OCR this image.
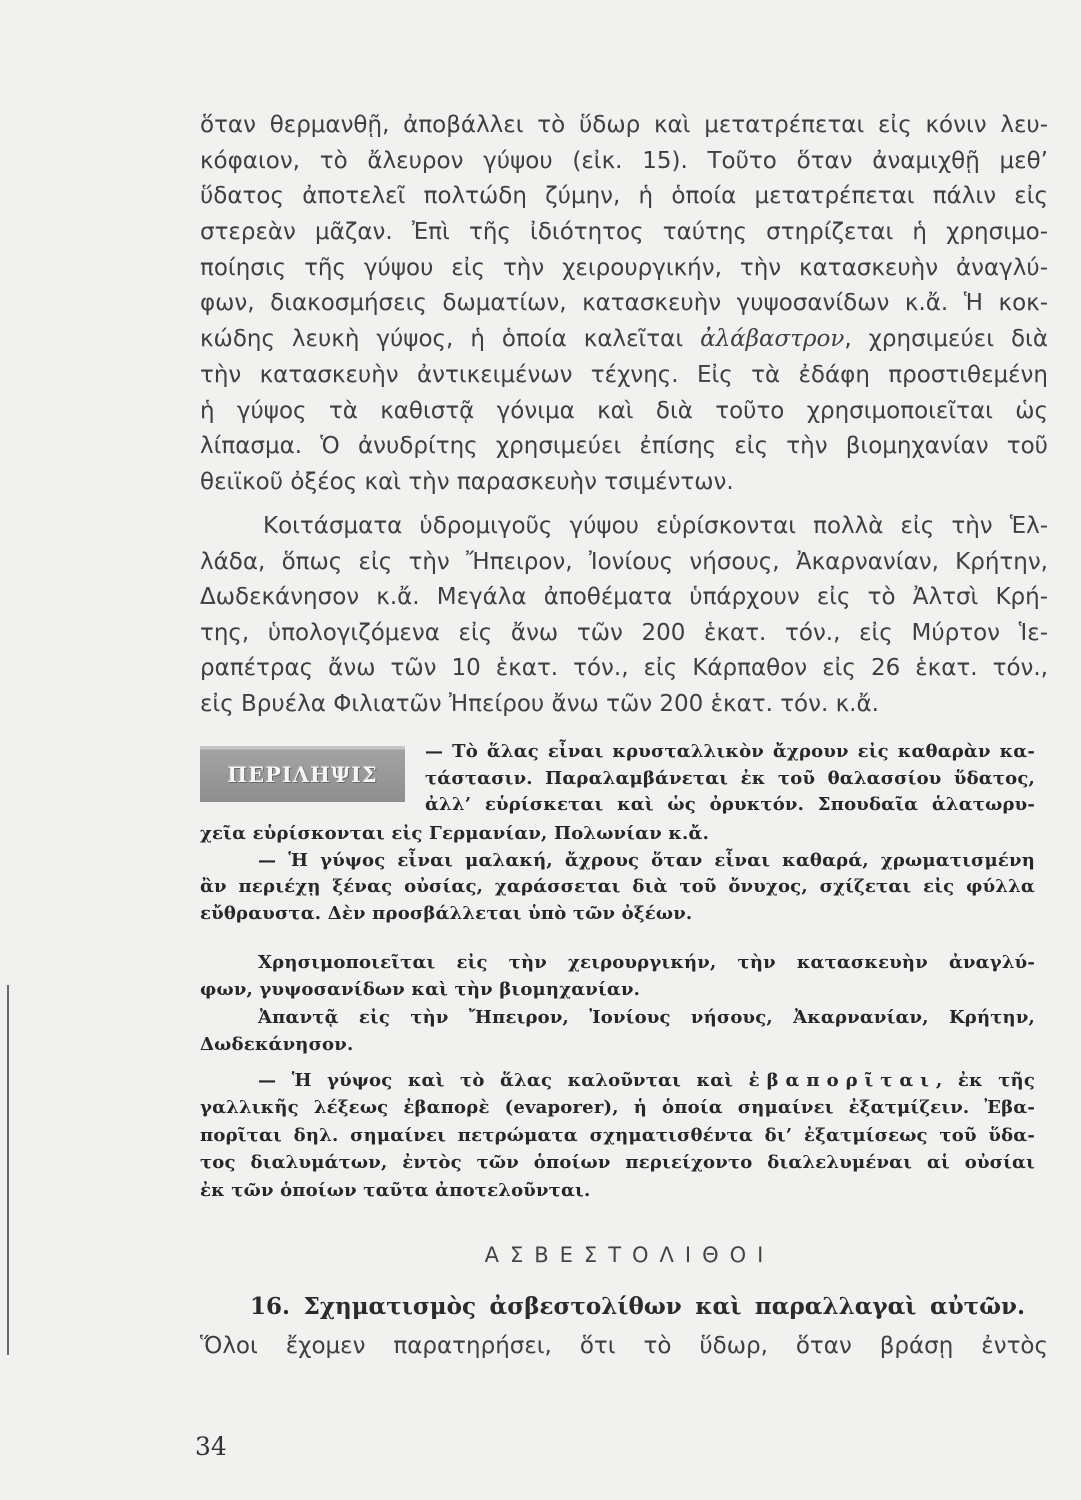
ὅταν θερμανθῇ, ἀποβάλλει τὸ ὕδωρ καὶ μετατρέπεται εἰς κόνιν λευ-
κόφαιον, τὸ ἄλευρον γύψου (εἰκ. 15). Τοῦτο ὅταν ἀναμιχθῇ μεθ’
ὕδατος ἀποτελεῖ πολτώδη ζύμην, ἡ ὁποία μετατρέπεται πάλιν εἰς
στερεὰν μᾶζαν. Ἐπὶ τῆς ἰδιότητος ταύτης στηρίζεται ἡ χρησιμο-
ποίησις τῆς γύψου εἰς τὴν χειρουργικήν, τὴν κατασκευὴν ἀναγλύ-
φων, διακοσμήσεις δωματίων, κατασκευὴν γυψοσανίδων κ.ἄ. Ἡ κοκ-
κώδης λευκὴ γύψος, ἡ ὁποία καλεῖται ἀλάβαστρον, χρησιμεύει διὰ
τὴν κατασκευὴν ἀντικειμένων τέχνης. Εἰς τὰ ἐδάφη προστιθεμένη
ἡ γύψος τὰ καθιστᾷ γόνιμα καὶ διὰ τοῦτο χρησιμοποιεῖται ὡς
λίπασμα. Ὁ ἀνυδρίτης χρησιμεύει ἐπίσης εἰς τὴν βιομηχανίαν τοῦ
θειϊκοῦ ὀξέος καὶ τὴν παρασκευὴν τσιμέντων.
Κοιτάσματα ὑδρομιγοῦς γύψου εὑρίσκονται πολλὰ εἰς τὴν Ἑλ-
λάδα, ὅπως εἰς τὴν Ἤπειρον, Ἰονίους νήσους, Ἀκαρνανίαν, Κρήτην,
Δωδεκάνησον κ.ἄ. Μεγάλα ἀποθέματα ὑπάρχουν εἰς τὸ Ἀλτσὶ Κρή-
της, ὑπολογιζόμενα εἰς ἄνω τῶν 200 ἑκατ. τόν., εἰς Μύρτον Ἱε-
ραπέτρας ἄνω τῶν 10 ἑκατ. τόν., εἰς Κάρπαθον εἰς 26 ἑκατ. τόν.,
εἰς Βρυέλα Φιλιατῶν Ἠπείρου ἄνω τῶν 200 ἑκατ. τόν. κ.ἄ.
ΠΕΡΙΛΗΨΙΣ
— Τὸ ἅλας εἶναι κρυσταλλικὸν ἄχρουν εἰς καθαρὰν κα-
τάστασιν. Παραλαμβάνεται ἐκ τοῦ θαλασσίου ὕδατος,
ἀλλ’ εὑρίσκεται καὶ ὡς ὀρυκτόν. Σπουδαῖα ἁλατωρυ-
χεῖα εὑρίσκονται εἰς Γερμανίαν, Πολωνίαν κ.ἄ.
— Ἡ γύψος εἶναι μαλακή, ἄχρους ὅταν εἶναι καθαρά, χρωματισμένη
ἂν περιέχῃ ξένας οὐσίας, χαράσσεται διὰ τοῦ ὄνυχος, σχίζεται εἰς φύλλα
εὔθραυστα. Δὲν προσβάλλεται ὑπὸ τῶν ὀξέων.
Χρησιμοποιεῖται εἰς τὴν χειρουργικήν, τὴν κατασκευὴν ἀναγλύ-
φων, γυψοσανίδων καὶ τὴν βιομηχανίαν.
Ἀπαντᾷ εἰς τὴν Ἤπειρον, Ἰονίους νήσους, Ἀκαρνανίαν, Κρήτην,
Δωδεκάνησον.
— Ἡ γύψος καὶ τὸ ἅλας καλοῦνται καὶ ἐβαπορῖται, ἐκ τῆς
γαλλικῆς λέξεως ἐβαπορὲ (evaporer), ἡ ὁποία σημαίνει ἐξατμίζειν. Ἐβα-
πορῖται δηλ. σημαίνει πετρώματα σχηματισθέντα δι’ ἐξατμίσεως τοῦ ὕδα-
τος διαλυμάτων, ἐντὸς τῶν ὁποίων περιείχοντο διαλελυμέναι αἱ οὐσίαι
ἐκ τῶν ὁποίων ταῦτα ἀποτελοῦνται.
ΑΣΒΕΣΤΟΛΙΘΟΙ
16. Σχηματισμὸς ἀσβεστολίθων καὶ παραλλαγαὶ αὐτῶν.
Ὅλοι ἔχομεν παρατηρήσει, ὅτι τὸ ὕδωρ, ὅταν βράσῃ ἐντὸς
34
